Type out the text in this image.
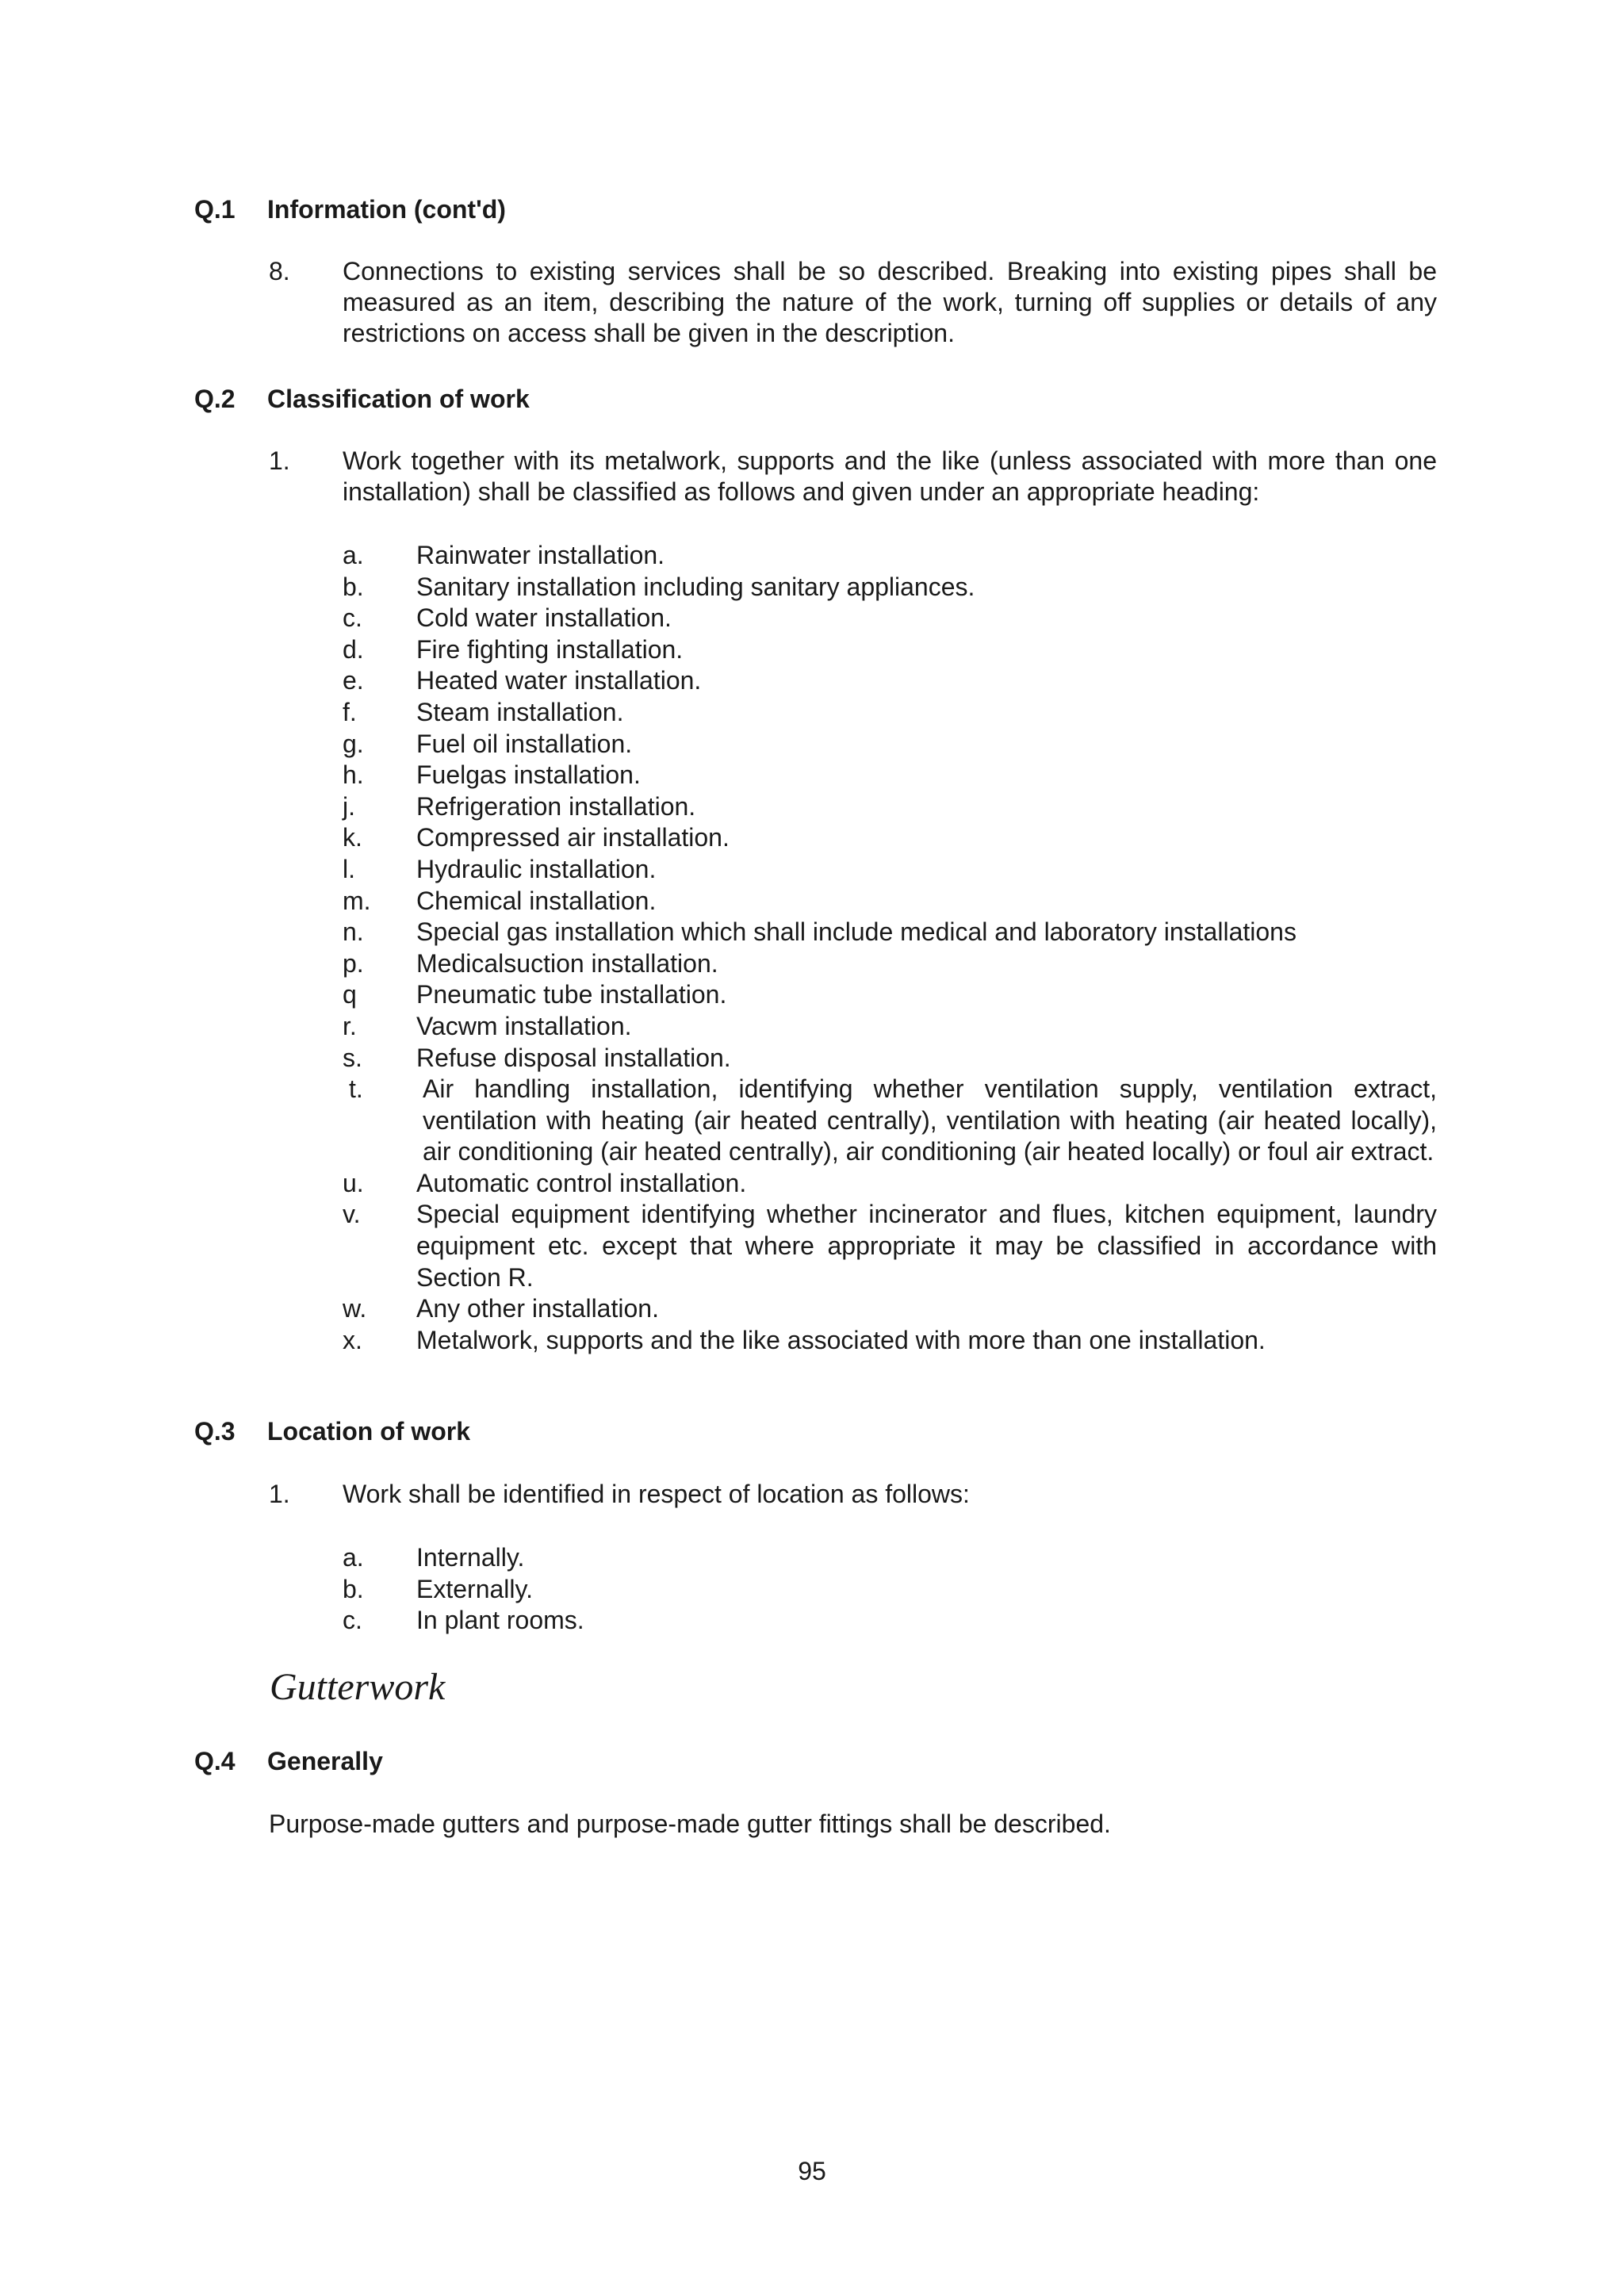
Q.1 Information (cont'd)
8. Connections to existing services shall be so described. Breaking into existing pipes shall be measured as an item, describing the nature of the work, turning off supplies or details of any restrictions on access shall be given in the description.
Q.2 Classification of work
1. Work together with its metalwork, supports and the like (unless associated with more than one installation) shall be classified as follows and given under an appropriate heading:
a.	Rainwater installation.
b.	Sanitary installation including sanitary appliances.
c.	Cold water installation.
d.	Fire fighting installation.
e.	Heated water installation.
f.	Steam installation.
g.	Fuel oil installation.
h.	Fuelgas installation.
j.	Refrigeration installation.
k.	Compressed air installation.
l.	Hydraulic installation.
m.	Chemical installation.
n.	Special gas installation which shall include medical and laboratory installations
p.	Medicalsuction installation.
q	Pneumatic tube installation.
r.	Vacwm installation.
s.	Refuse disposal installation.
t.	Air handling installation, identifying whether ventilation supply, ventilation extract, ventilation with heating (air heated centrally), ventilation with heating (air heated locally), air conditioning (air heated centrally), air conditioning (air heated locally) or foul air extract.
u.	Automatic control installation.
v.	Special equipment identifying whether incinerator and flues, kitchen equipment, laundry equipment etc. except that where appropriate it may be classified in accordance with Section R.
w.	Any other installation.
x.	Metalwork, supports and the like associated with more than one installation.
Q.3 Location of work
1. Work shall be identified in respect of location as follows:
a.	Internally.
b.	Externally.
c.	In plant rooms.
Gutterwork
Q.4 Generally
Purpose-made gutters and purpose-made gutter fittings shall be described.
95
